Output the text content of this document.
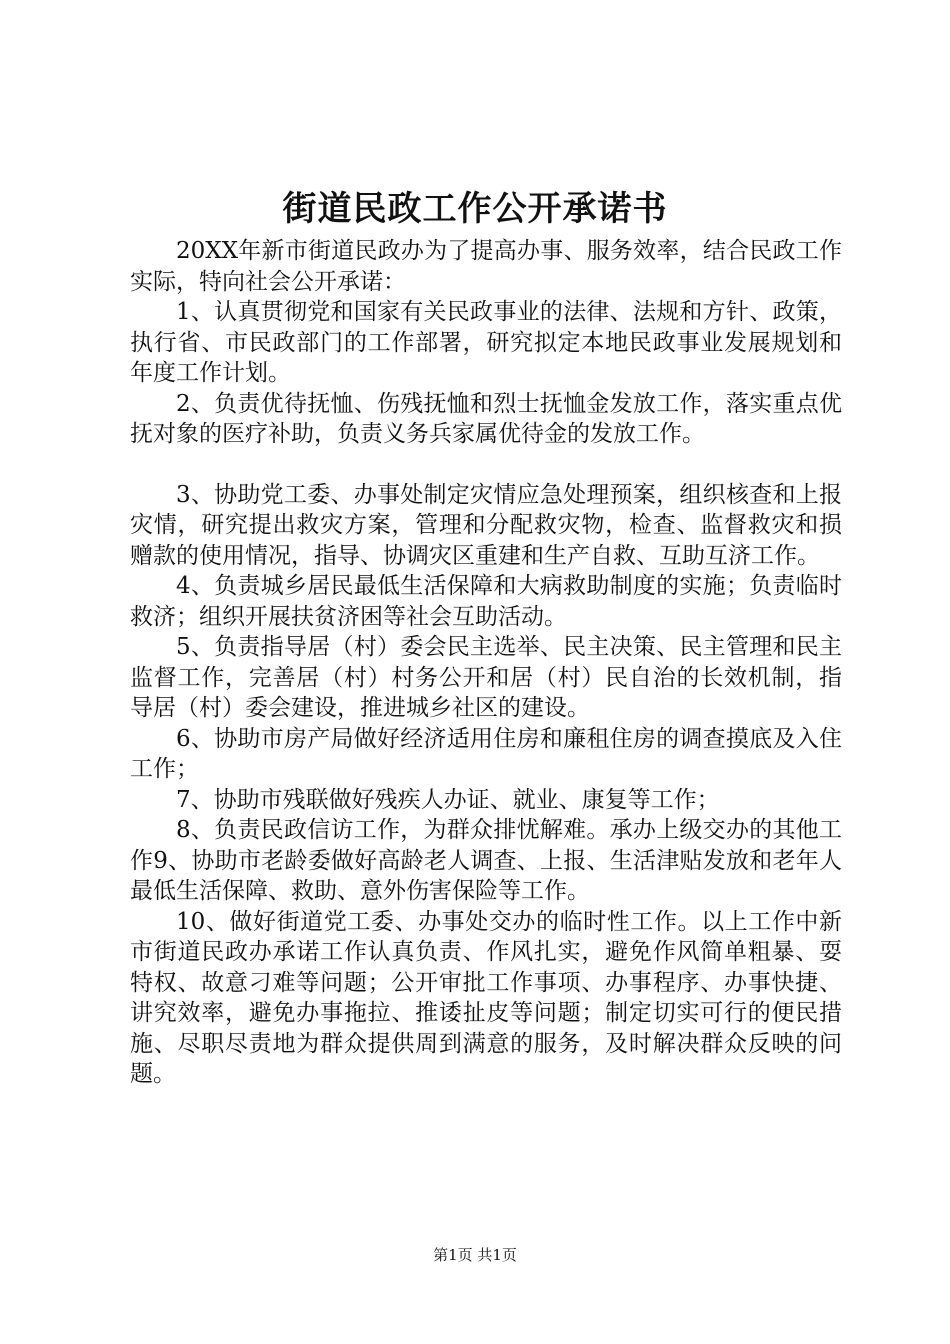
街道民政工作公开承诺书

20XX年新市街道民政办为了提高办事、服务效率，结合民政工作实际，特向社会公开承诺：

1、认真贯彻党和国家有关民政事业的法律、法规和方针、政策，执行省、市民政部门的工作部署，研究拟定本地民政事业发展规划和年度工作计划。

2、负责优待抚恤、伤残抚恤和烈士抚恤金发放工作，落实重点优抚对象的医疗补助，负责义务兵家属优待金的发放工作。

3、协助党工委、办事处制定灾情应急处理预案，组织核查和上报灾情，研究提出救灾方案，管理和分配救灾物，检查、监督救灾和损赠款的使用情况，指导、协调灾区重建和生产自救、互助互济工作。

4、负责城乡居民最低生活保障和大病救助制度的实施；负责临时救济；组织开展扶贫济困等社会互助活动。

5、负责指导居（村）委会民主选举、民主决策、民主管理和民主监督工作，完善居（村）村务公开和居（村）民自治的长效机制，指导居（村）委会建设，推进城乡社区的建设。

6、协助市房产局做好经济适用住房和廉租住房的调查摸底及入住工作；

7、协助市残联做好残疾人办证、就业、康复等工作；

8、负责民政信访工作，为群众排忧解难。承办上级交办的其他工作9、协助市老龄委做好高龄老人调查、上报、生活津贴发放和老年人最低生活保障、救助、意外伤害保险等工作。

10、做好街道党工委、办事处交办的临时性工作。以上工作中新市街道民政办承诺工作认真负责、作风扎实，避免作风简单粗暴、耍特权、故意刁难等问题；公开审批工作事项、办事程序、办事快捷、讲究效率，避免办事拖拉、推诿扯皮等问题；制定切实可行的便民措施、尽职尽责地为群众提供周到满意的服务，及时解决群众反映的问题。

第1页 共1页
